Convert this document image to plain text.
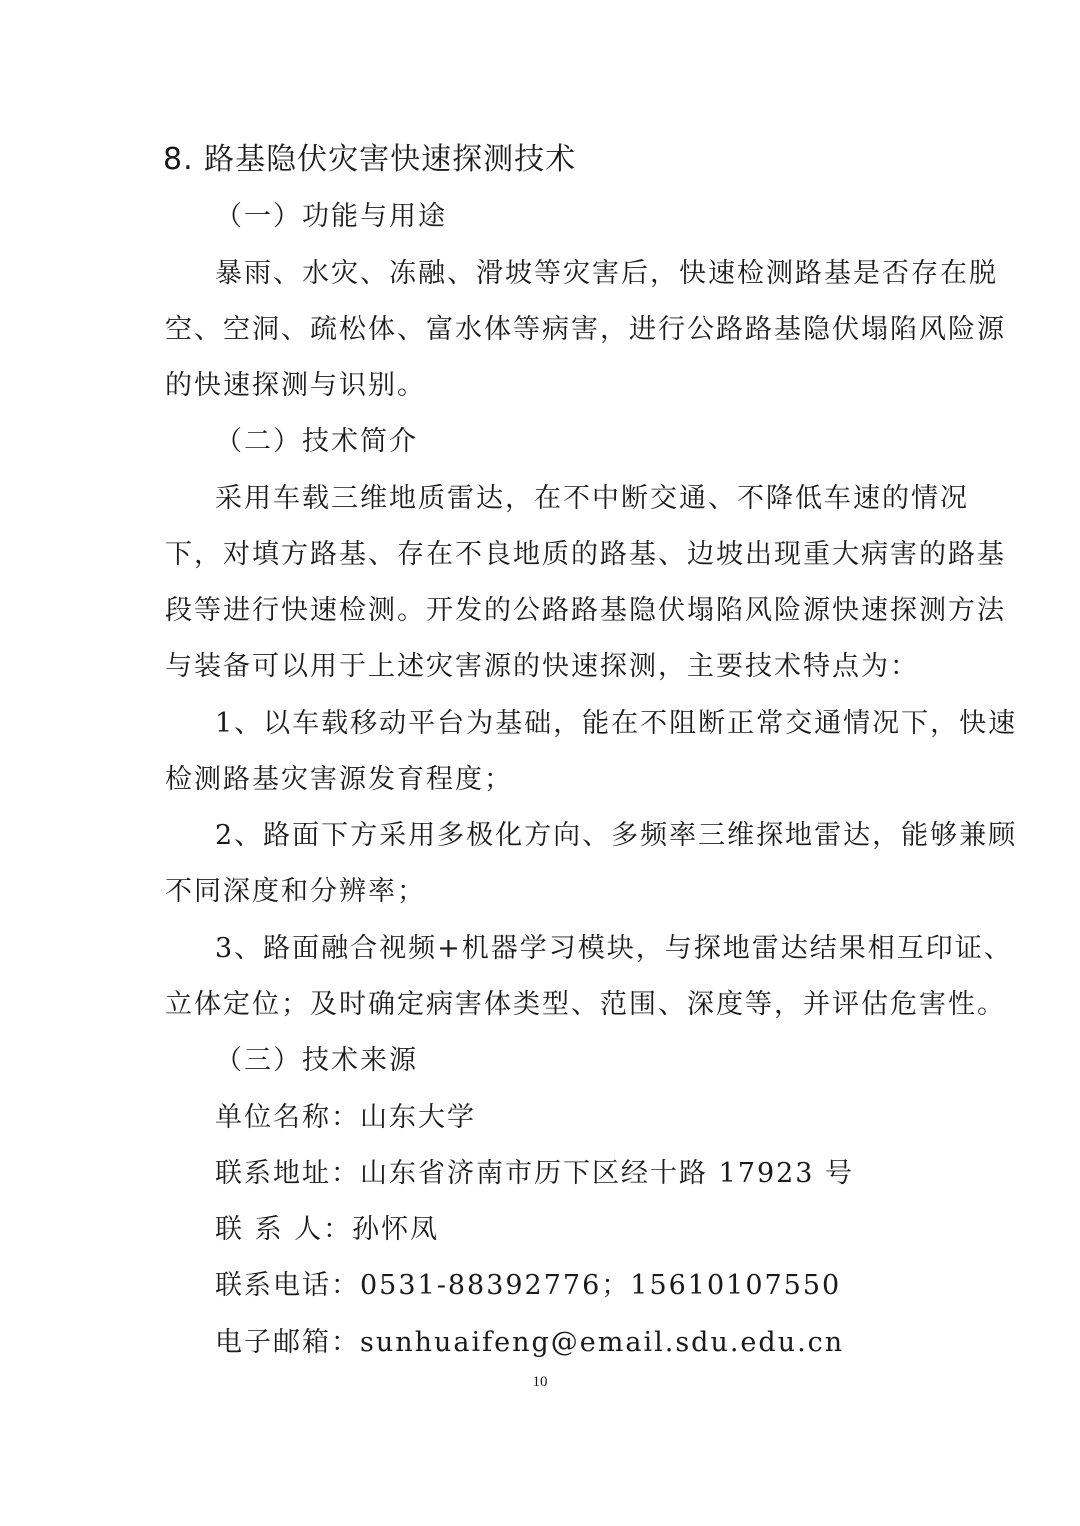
8. 路基隐伏灾害快速探测技术
（一）功能与用途
暴雨、水灾、冻融、滑坡等灾害后，快速检测路基是否存在脱
空、空洞、疏松体、富水体等病害，进行公路路基隐伏塌陷风险源
的快速探测与识别。
（二）技术简介
采用车载三维地质雷达，在不中断交通、不降低车速的情况
下，对填方路基、存在不良地质的路基、边坡出现重大病害的路基
段等进行快速检测。开发的公路路基隐伏塌陷风险源快速探测方法
与装备可以用于上述灾害源的快速探测，主要技术特点为：
1、以车载移动平台为基础，能在不阻断正常交通情况下，快速
检测路基灾害源发育程度；
2、路面下方采用多极化方向、多频率三维探地雷达，能够兼顾
不同深度和分辨率；
3、路面融合视频+机器学习模块，与探地雷达结果相互印证、
立体定位；及时确定病害体类型、范围、深度等，并评估危害性。
（三）技术来源
单位名称：山东大学
联系地址：山东省济南市历下区经十路 17923 号
联 系 人：孙怀凤
联系电话：0531-88392776；15610107550
电子邮箱：sunhuaifeng@email.sdu.edu.cn
10
